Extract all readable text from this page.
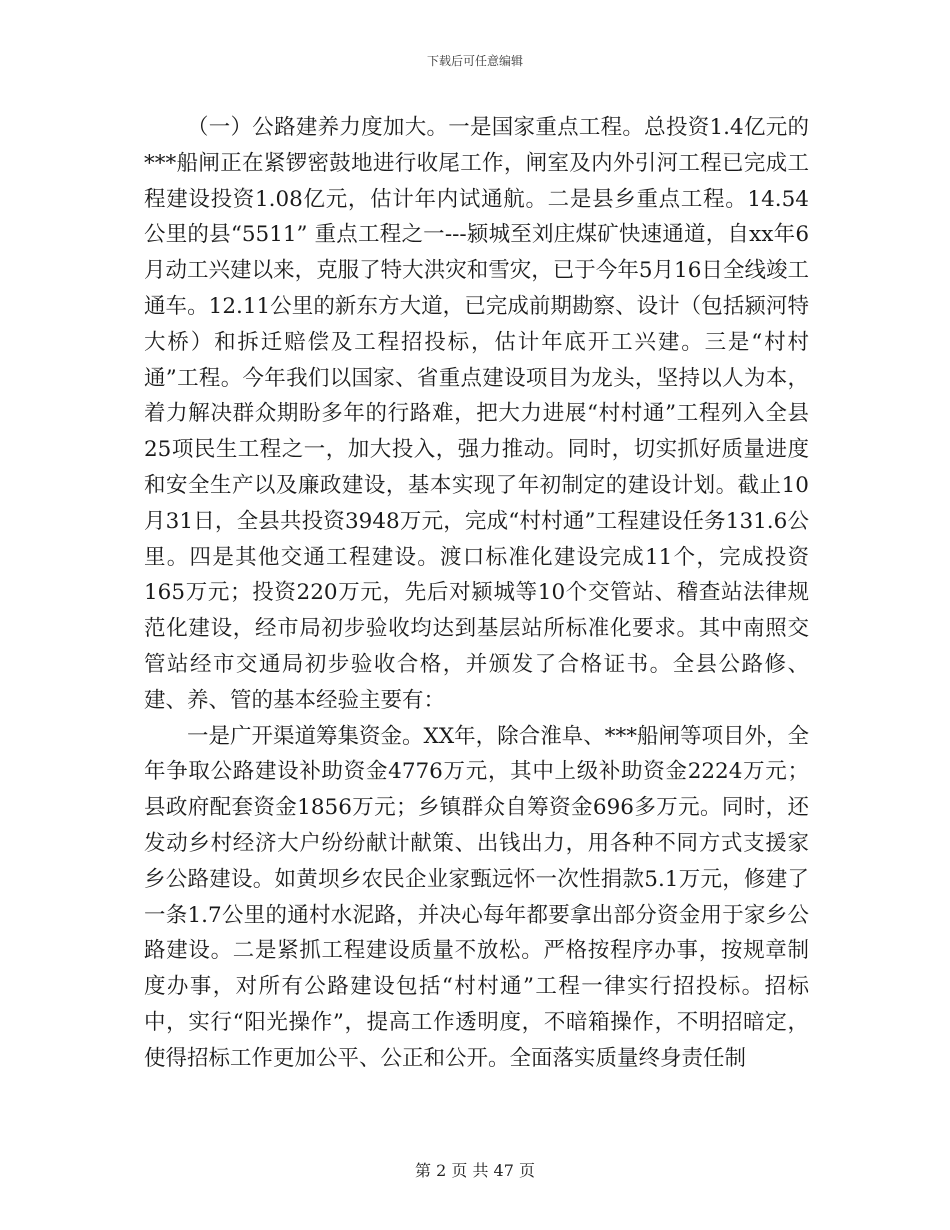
下载后可任意编辑

（一）公路建养力度加大。一是国家重点工程。总投资1.4亿元的***船闸正在紧锣密鼓地进行收尾工作，闸室及内外引河工程已完成工程建设投资1.08亿元，估计年内试通航。二是县乡重点工程。14.54公里的县“5511” 重点工程之一---颍城至刘庄煤矿快速通道，自xx年6月动工兴建以来，克服了特大洪灾和雪灾，已于今年5月16日全线竣工通车。12.11公里的新东方大道，已完成前期勘察、设计（包括颍河特大桥）和拆迁赔偿及工程招投标，估计年底开工兴建。三是“村村通”工程。今年我们以国家、省重点建设项目为龙头，坚持以人为本，着力解决群众期盼多年的行路难，把大力进展“村村通”工程列入全县25项民生工程之一，加大投入，强力推动。同时，切实抓好质量进度和安全生产以及廉政建设，基本实现了年初制定的建设计划。截止10月31日，全县共投资3948万元，完成“村村通”工程建设任务131.6公里。四是其他交通工程建设。渡口标准化建设完成11个，完成投资165万元；投资220万元，先后对颍城等10个交管站、稽查站法律规范化建设，经市局初步验收均达到基层站所标准化要求。其中南照交管站经市交通局初步验收合格，并颁发了合格证书。全县公路修、建、养、管的基本经验主要有：

一是广开渠道筹集资金。XX年，除合淮阜、***船闸等项目外，全年争取公路建设补助资金4776万元，其中上级补助资金2224万元；县政府配套资金1856万元；乡镇群众自筹资金696多万元。同时，还发动乡村经济大户纷纷献计献策、出钱出力，用各种不同方式支援家乡公路建设。如黄坝乡农民企业家甄远怀一次性捐款5.1万元，修建了一条1.7公里的通村水泥路，并决心每年都要拿出部分资金用于家乡公路建设。二是紧抓工程建设质量不放松。严格按程序办事，按规章制度办事，对所有公路建设包括“村村通”工程一律实行招投标。招标中，实行“阳光操作”，提高工作透明度，不暗箱操作，不明招暗定，使得招标工作更加公平、公正和公开。全面落实质量终身责任制

第 2 页 共 47 页
